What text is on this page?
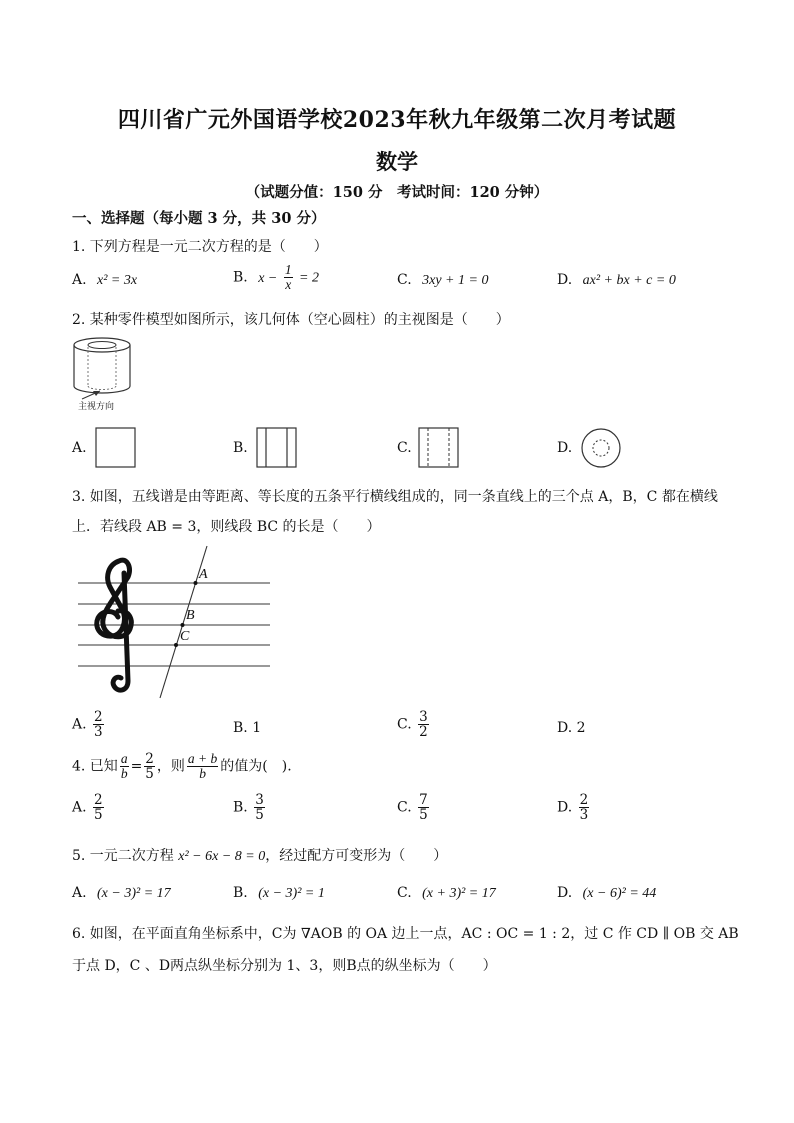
四川省广元外国语学校2023年秋九年级第二次月考试题
数学
（试题分值：150 分　考试时间：120 分钟）
一、选择题（每小题 3 分，共 30 分）
1. 下列方程是一元二次方程的是（　　）
A. x² = 3x	B. $x - \frac{1}{x} = 2$	C. 3xy + 1 = 0	D. ax² + bx + c = 0
2. 某种零件模型如图所示，该几何体（空心圆柱）的主视图是（　　）
主视方向
A.	B.	C.	D.
3. 如图，五线谱是由等距离、等长度的五条平行横线组成的，同一条直线上的三个点 A，B，C 都在横线
上．若线段 AB = 3，则线段 BC 的长是（　　）
A
B
C
A. $\frac{2}{3}$	B. 1	C. $\frac{3}{2}$	D. 2
4. 已知 $\frac{a}{b} = \frac{2}{5}$ ，则 $\frac{a + b}{b}$ 的值为(　).
A. $\frac{2}{5}$	B. $\frac{3}{5}$	C. $\frac{7}{5}$	D. $\frac{2}{3}$
5. 一元二次方程 x² − 6x − 8 = 0，经过配方可变形为（　　）
A. (x − 3)² = 17	B. (x − 3)² = 1	C. (x + 3)² = 17	D. (x − 6)² = 44
6. 如图，在平面直角坐标系中，C为 ∇AOB 的 OA 边上一点，AC : OC = 1 : 2，过 C 作 CD ∥ OB 交 AB
于点 D，C 、D两点纵坐标分别为 1、3，则B点的纵坐标为（　　）
